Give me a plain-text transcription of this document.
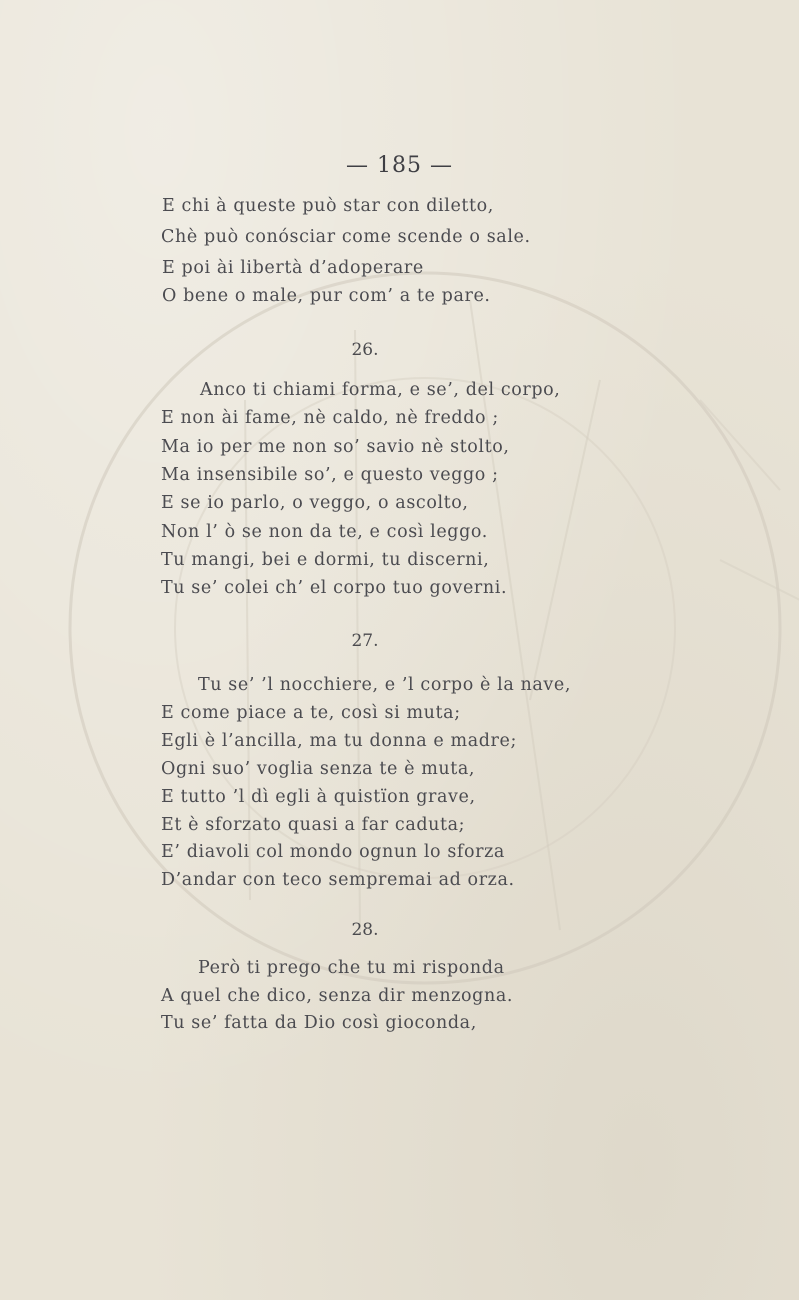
— 185 —
E chi à queste può star con diletto,
Chè può conósciar come scende o sale.
E poi ài libertà d’adoperare
O bene o male, pur com’ a te pare.
26.
Anco ti chiami forma, e se’, del corpo,
E non ài fame, nè caldo, nè freddo ;
Ma io per me non so’ savio nè stolto,
Ma insensibile so’, e questo veggo ;
E se io parlo, o veggo, o ascolto,
Non l’ ò se non da te, e così leggo.
Tu mangi, bei e dormi, tu discerni,
Tu se’ colei ch’ el corpo tuo governi.
27.
Tu se’ ’l nocchiere, e ’l corpo è la nave,
E come piace a te, così si muta;
Egli è l’ancilla, ma tu donna e madre;
Ogni suo’ voglia senza te è muta,
E tutto ’l dì egli à quistïon grave,
Et è sforzato quasi a far caduta;
E’ diavoli col mondo ognun lo sforza
D’andar con teco sempremai ad orza.
28.
Però ti prego che tu mi risponda
A quel che dico, senza dir menzogna.
Tu se’ fatta da Dio così gioconda,
